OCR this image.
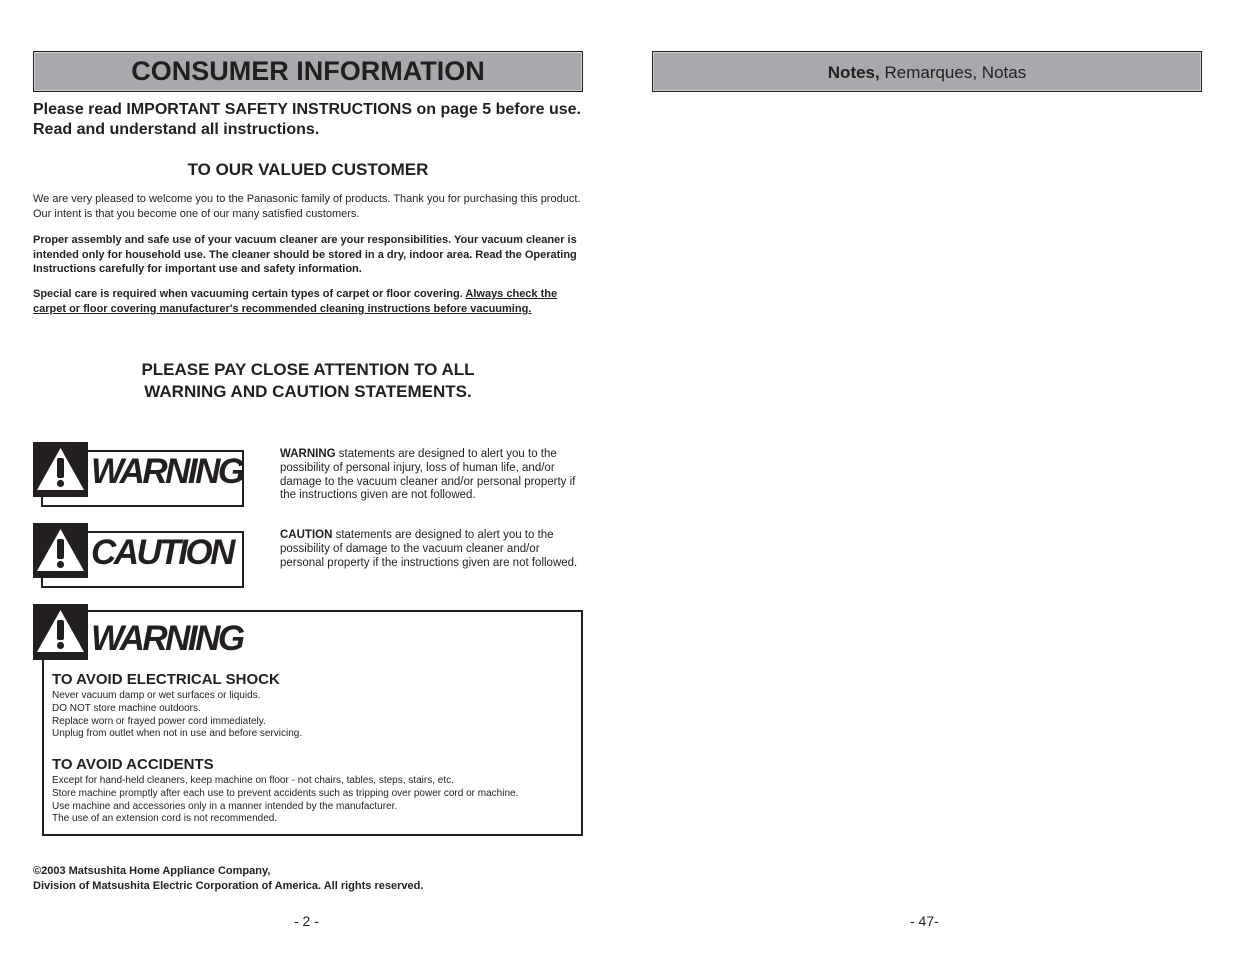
CONSUMER INFORMATION
Please read IMPORTANT SAFETY INSTRUCTIONS on page 5 before use. Read and understand all instructions.
TO OUR VALUED CUSTOMER
We are very pleased to welcome you to the Panasonic family of products. Thank you for purchasing this product. Our intent is that you become one of our many satisfied customers.
Proper assembly and safe use of your vacuum cleaner are your responsibilities. Your vacuum cleaner is intended only for household use. The cleaner should be stored in a dry, indoor area. Read the Operating Instructions carefully for important use and safety information.
Special care is required when vacuuming certain types of carpet or floor covering. Always check the carpet or floor covering manufacturer's recommended cleaning instructions before vacuuming.
PLEASE PAY CLOSE ATTENTION TO ALL
WARNING AND CAUTION STATEMENTS.
WARNING	WARNING statements are designed to alert you to the possibility of personal injury, loss of human life, and/or damage to the vacuum cleaner and/or personal property if the instructions given are not followed.
CAUTION	CAUTION statements are designed to alert you to the possibility of damage to the vacuum cleaner and/or personal property if the instructions given are not followed.
WARNING
TO AVOID ELECTRICAL SHOCK
Never vacuum damp or wet surfaces or liquids.
DO NOT store machine outdoors.
Replace worn or frayed power cord immediately.
Unplug from outlet when not in use and before servicing.
TO AVOID ACCIDENTS
Except for hand-held cleaners, keep machine on floor - not chairs, tables, steps, stairs, etc.
Store machine promptly after each use to prevent accidents such as tripping over power cord or machine.
Use machine and accessories only in a manner intended by the manufacturer.
The use of an extension cord is not recommended.
©2003 Matsushita Home Appliance Company,
Division of Matsushita Electric Corporation of America. All rights reserved.
- 2 -
Notes, Remarques, Notas
- 47-
